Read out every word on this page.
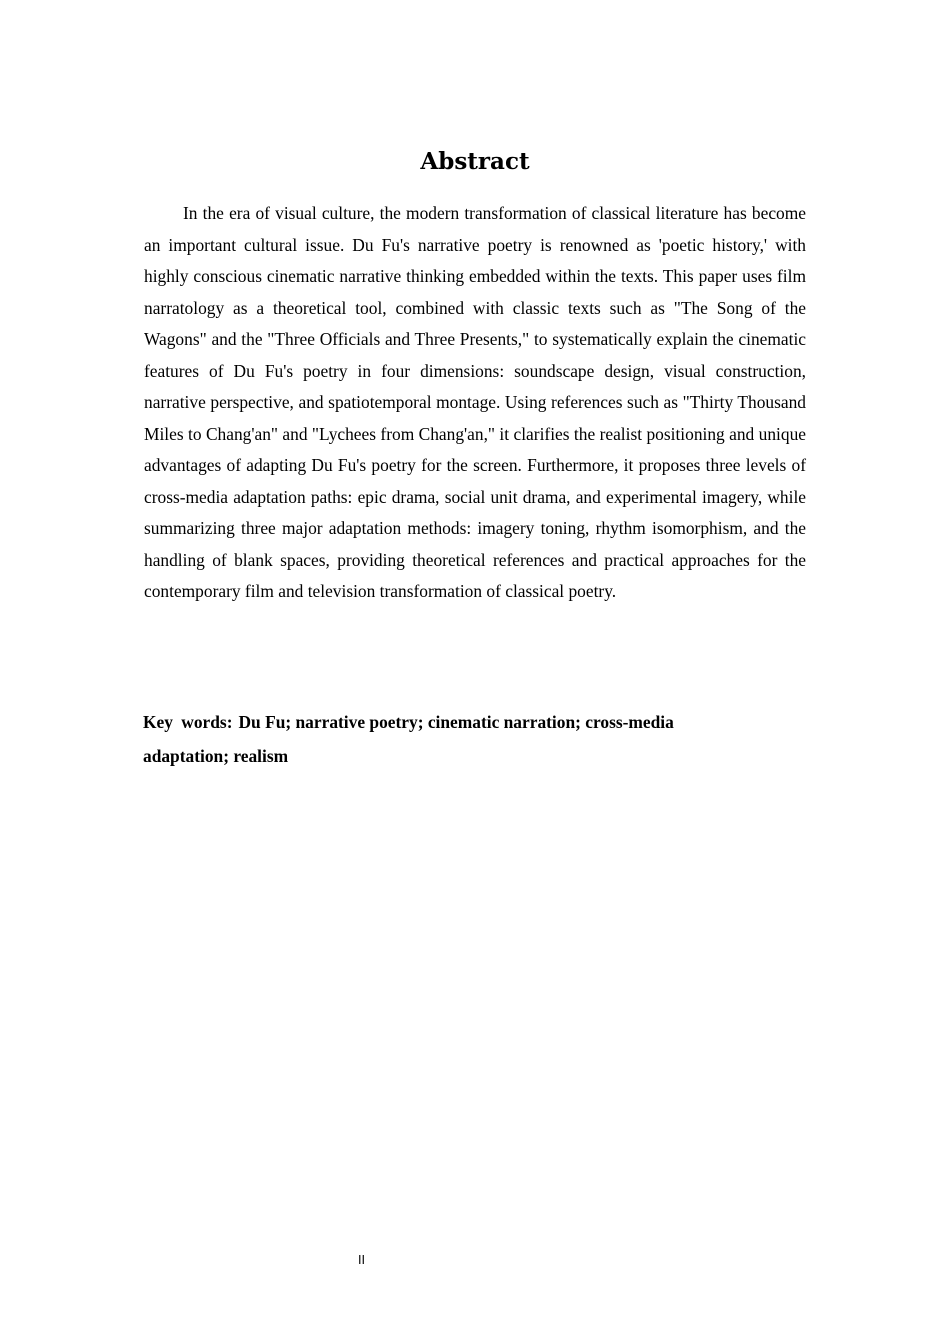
Abstract

In the era of visual culture, the modern transformation of classical literature has become an important cultural issue. Du Fu's narrative poetry is renowned as 'poetic history,' with highly conscious cinematic narrative thinking embedded within the texts. This paper uses film narratology as a theoretical tool, combined with classic texts such as "The Song of the Wagons" and the "Three Officials and Three Presents," to systematically explain the cinematic features of Du Fu's poetry in four dimensions: soundscape design, visual construction, narrative perspective, and spatiotemporal montage. Using references such as "Thirty Thousand Miles to Chang'an" and "Lychees from Chang'an," it clarifies the realist positioning and unique advantages of adapting Du Fu's poetry for the screen. Furthermore, it proposes three levels of cross-media adaptation paths: epic drama, social unit drama, and experimental imagery, while summarizing three major adaptation methods: imagery toning, rhythm isomorphism, and the handling of blank spaces, providing theoretical references and practical approaches for the contemporary film and television transformation of classical poetry.

Key words: Du Fu; narrative poetry; cinematic narration; cross-media adaptation; realism

II
